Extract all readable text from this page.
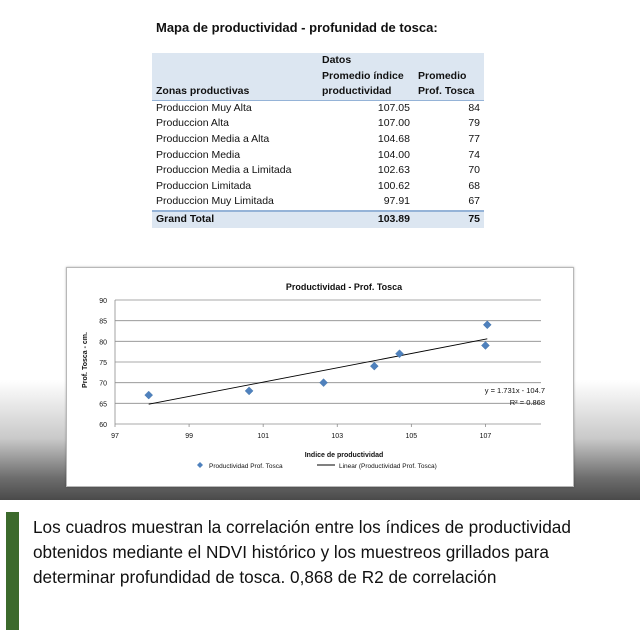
Mapa de productividad - profunidad de tosca:
	Datos	
	Promedio índice	Promedio
Zonas productivas	productividad	Prof. Tosca
Produccion Muy Alta	107.05	84
Produccion Alta	107.00	79
Produccion Media a Alta	104.68	77
Produccion Media	104.00	74
Produccion Media a Limitada	102.63	70
Produccion Limitada	100.62	68
Produccion Muy Limitada	97.91	67
Grand Total	103.89	75
Productividad - Prof. Tosca
60
65
70
75
80
85
90
97	99	101	103	105	107
Prof. Tosca - cm.
Indice de productividad
y = 1.731x - 104.7
R² = 0.868
Productividad Prof. Tosca	Linear (Productividad Prof. Tosca)
Los cuadros muestran la correlación entre los índices de productividad obtenidos mediante el NDVI histórico y los muestreos grillados para determinar profundidad de tosca. 0,868 de R2 de correlación
